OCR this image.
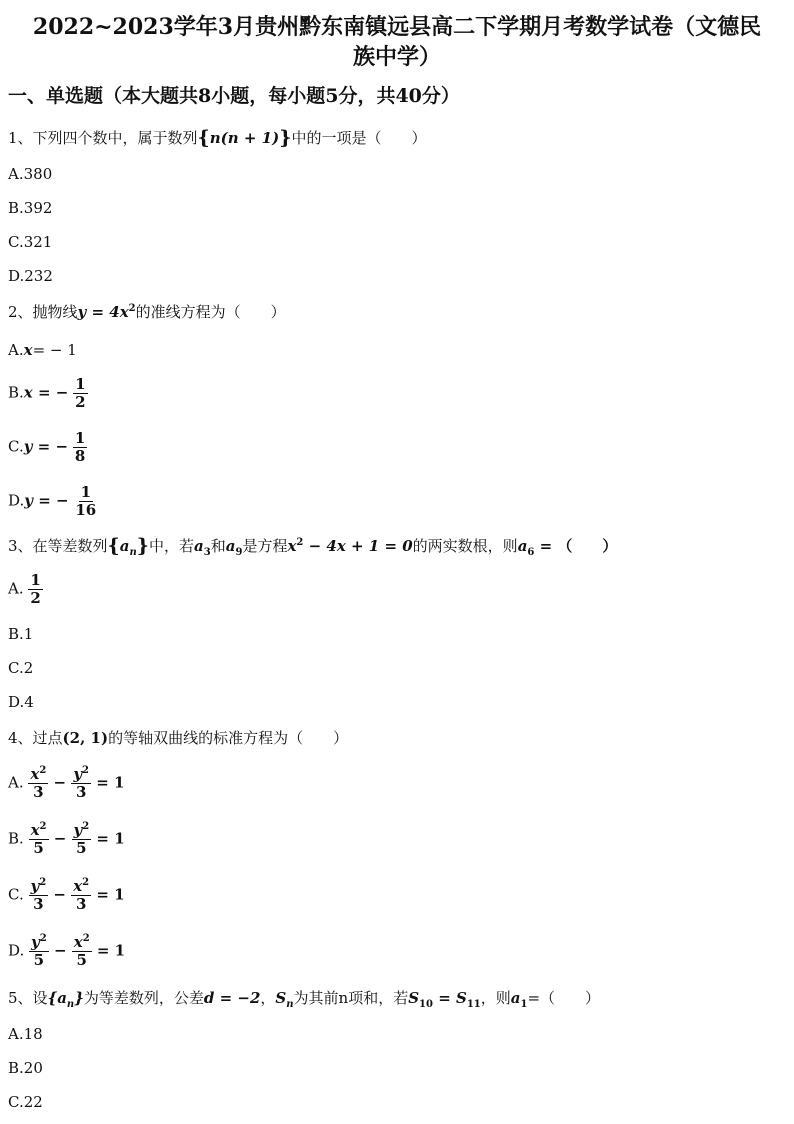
2022~2023学年3月贵州黔东南镇远县高二下学期月考数学试卷（文德民
族中学）
一、单选题（本大题共8小题，每小题5分，共40分）
1、下列四个数中，属于数列{n(n + 1)}中的一项是（　　）
A.380
B.392
C.321
D.232
2、抛物线$y = 4x^2$的准线方程为（　　）
A.x= − 1
B.x = − $\frac{1}{2}$
C.y = − $\frac{1}{8}$
D.y = − $\frac{1}{16}$
3、在等差数列$\{a_n\}$中，若$a_3$和$a_9$是方程$x^2 - 4x + 1 = 0$的两实数根，则$a_6$ = （　　）
A. $\frac{1}{2}$
B.1
C.2
D.4
4、过点(2, 1)的等轴双曲线的标准方程为（　　）
A. $\frac{x^2}{3} - \frac{y^2}{3} = 1$
B. $\frac{x^2}{5} - \frac{y^2}{5} = 1$
C. $\frac{y^2}{3} - \frac{x^2}{3} = 1$
D. $\frac{y^2}{5} - \frac{x^2}{5} = 1$
5、设$\{a_n\}$为等差数列，公差d = −2，$S_n$为其前n项和，若$S_{10} = S_{11}$，则$a_1=$（　　）
A.18
B.20
C.22
